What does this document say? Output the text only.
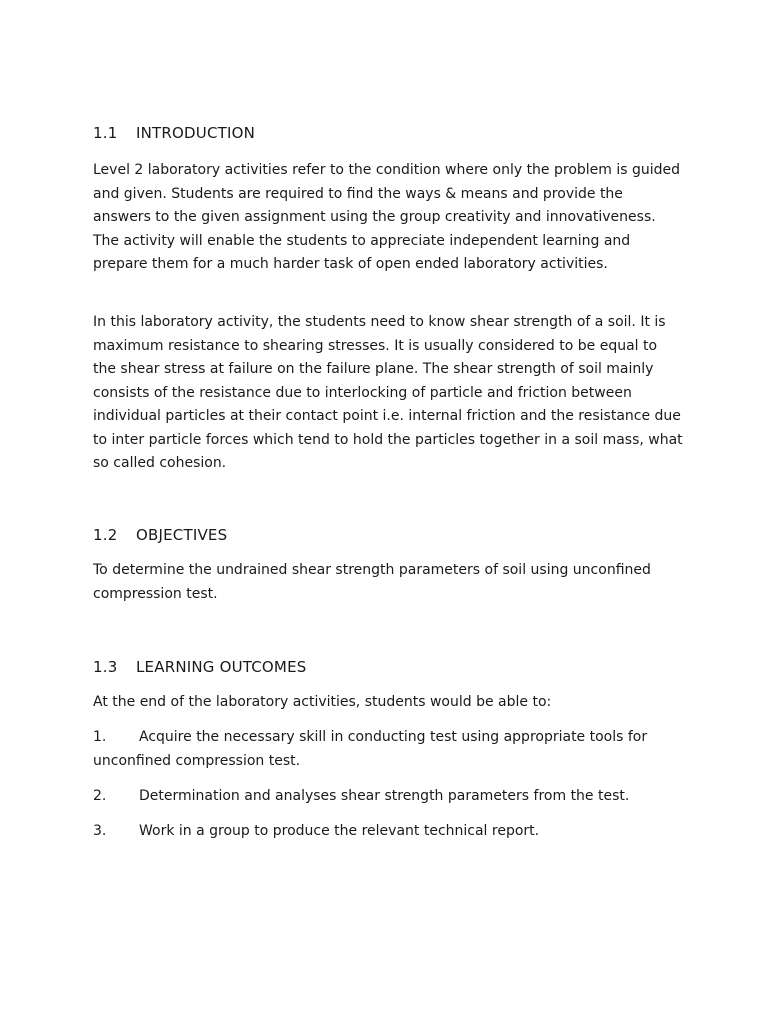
1.1 INTRODUCTION

Level 2 laboratory activities refer to the condition where only the problem is guided and given. Students are required to find the ways & means and provide the answers to the given assignment using the group creativity and innovativeness. The activity will enable the students to appreciate independent learning and prepare them for a much harder task of open ended laboratory activities.

In this laboratory activity, the students need to know shear strength of a soil. It is maximum resistance to shearing stresses. It is usually considered to be equal to the shear stress at failure on the failure plane. The shear strength of soil mainly consists of the resistance due to interlocking of particle and friction between individual particles at their contact point i.e. internal friction and the resistance due to inter particle forces which tend to hold the particles together in a soil mass, what so called cohesion.

1.2 OBJECTIVES

To determine the undrained shear strength parameters of soil using unconfined compression test.

1.3 LEARNING OUTCOMES

At the end of the laboratory activities, students would be able to:

1. Acquire the necessary skill in conducting test using appropriate tools for unconfined compression test.

2. Determination and analyses shear strength parameters from the test.

3. Work in a group to produce the relevant technical report.
